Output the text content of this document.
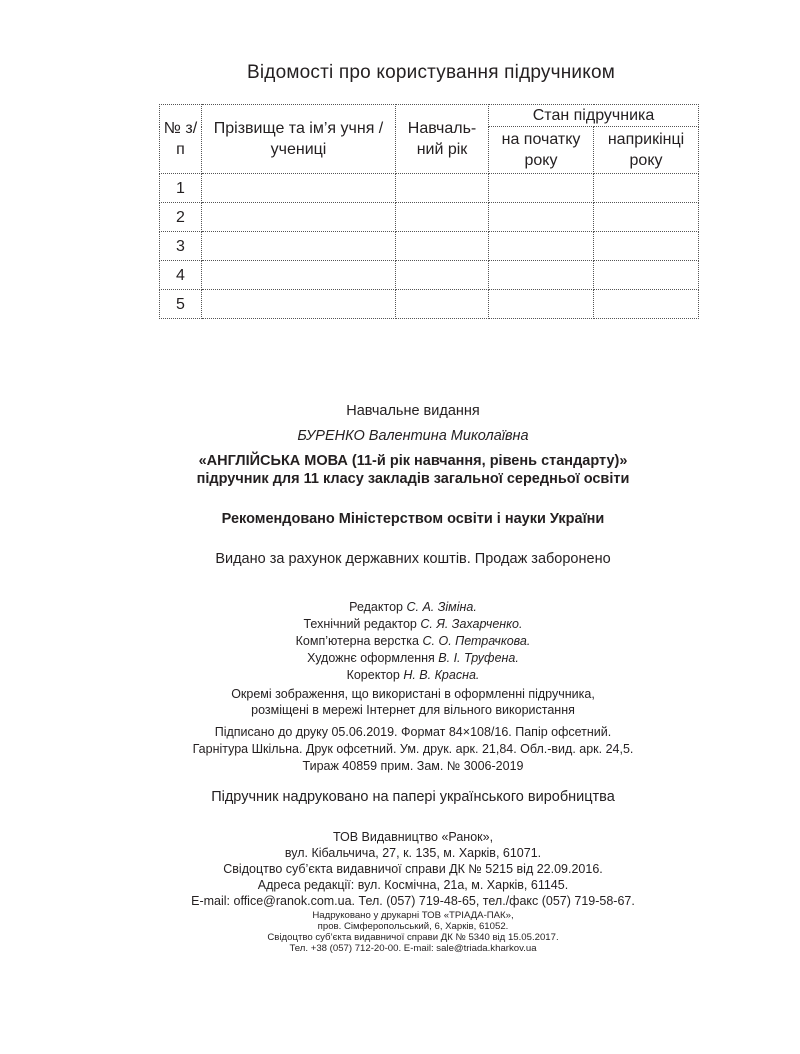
Відомості про користування підручником
№ з/п	Прізвище та ім’я учня / учениці	Навчаль-ний рік	Стан підручника	
			на початку року	наприкінці року
1				
2				
3				
4				
5				
Навчальне видання
БУРЕНКО Валентина Миколаївна
«АНГЛІЙСЬКА МОВА (11-й рік навчання, рівень стандарту)»
підручник для 11 класу закладів загальної середньої освіти
Рекомендовано Міністерством освіти і науки України
Видано за рахунок державних коштів. Продаж заборонено
Редактор С. А. Зіміна.
Технічний редактор С. Я. Захарченко.
Комп’ютерна верстка С. О. Петрачкова.
Художнє оформлення В. І. Труфена.
Коректор Н. В. Красна.
Окремі зображення, що використані в оформленні підручника,
розміщені в мережі Інтернет для вільного використання
Підписано до друку 05.06.2019. Формат 84×108/16. Папір офсетний.
Гарнітура Шкільна. Друк офсетний. Ум. друк. арк. 21,84. Обл.-вид. арк. 24,5.
Тираж 40859 прим. Зам. № 3006-2019
Підручник надруковано на папері українського виробництва
ТОВ Видавництво «Ранок»,
вул. Кібальчича, 27, к. 135, м. Харків, 61071.
Свідоцтво суб’єкта видавничої справи ДК № 5215 від 22.09.2016.
Адреса редакції: вул. Космічна, 21а, м. Харків, 61145.
E-mail: office@ranok.com.ua. Тел. (057) 719-48-65, тел./факс (057) 719-58-67.
Надруковано у друкарні ТОВ «ТРІАДА-ПАК»,
пров. Сімферопольський, 6, Харків, 61052.
Свідоцтво суб’єкта видавничої справи ДК № 5340 від 15.05.2017.
Тел. +38 (057) 712-20-00. E-mail: sale@triada.kharkov.ua
